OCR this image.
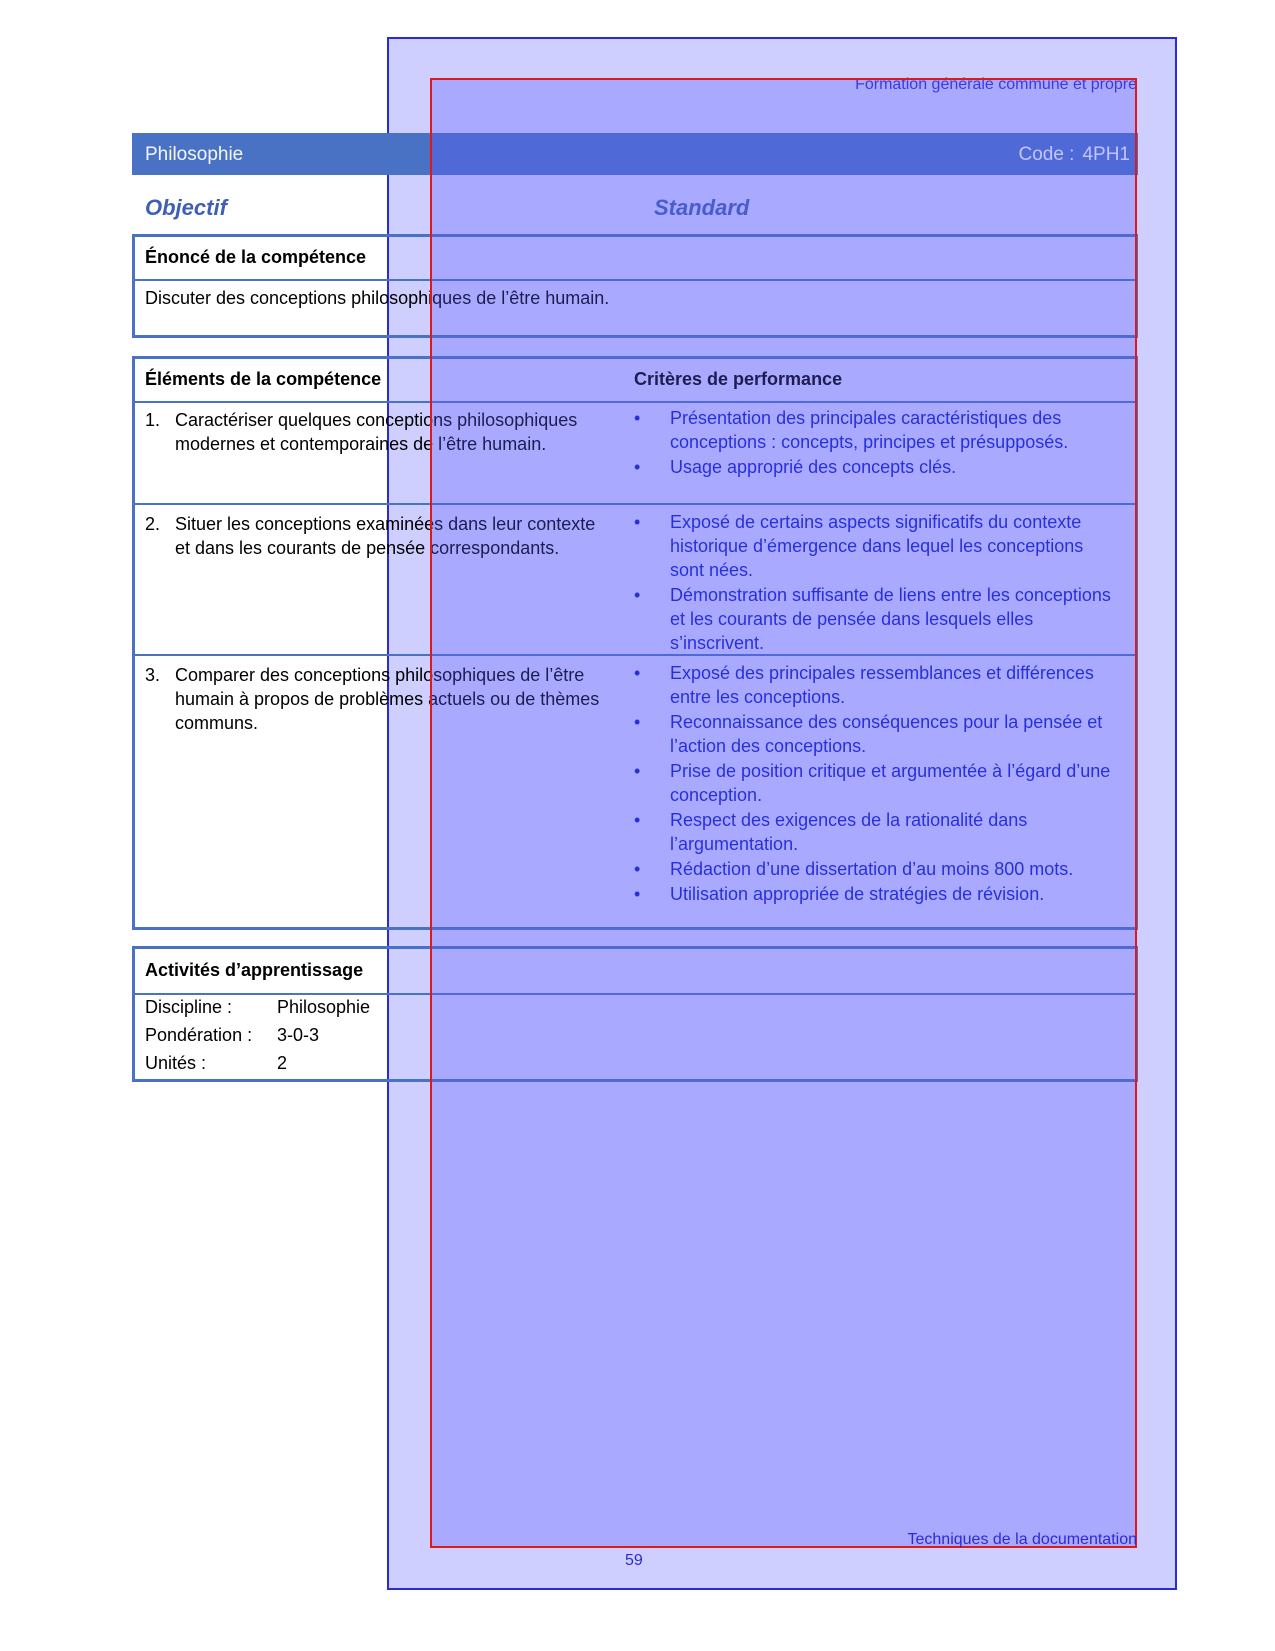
Formation générale commune et propre
Philosophie	Code : 4PH1
Objectif	Standard
Énoncé de la compétence
Discuter des conceptions philosophiques de l’être humain.
Éléments de la compétence	Critères de performance
1. Caractériser quelques conceptions philosophiques modernes et contemporaines de l’être humain.
• Présentation des principales caractéristiques des conceptions : concepts, principes et présupposés.
• Usage approprié des concepts clés.
2. Situer les conceptions examinées dans leur contexte et dans les courants de pensée correspondants.
• Exposé de certains aspects significatifs du contexte historique d’émergence dans lequel les conceptions sont nées.
• Démonstration suffisante de liens entre les conceptions et les courants de pensée dans lesquels elles s’inscrivent.
3. Comparer des conceptions philosophiques de l’être humain à propos de problèmes actuels ou de thèmes communs.
• Exposé des principales ressemblances et différences entre les conceptions.
• Reconnaissance des conséquences pour la pensée et l’action des conceptions.
• Prise de position critique et argumentée à l’égard d’une conception.
• Respect des exigences de la rationalité dans l’argumentation.
• Rédaction d’une dissertation d’au moins 800 mots.
• Utilisation appropriée de stratégies de révision.
Activités d’apprentissage
Discipline : Philosophie
Pondération : 3-0-3
Unités :	2
Techniques de la documentation
59
